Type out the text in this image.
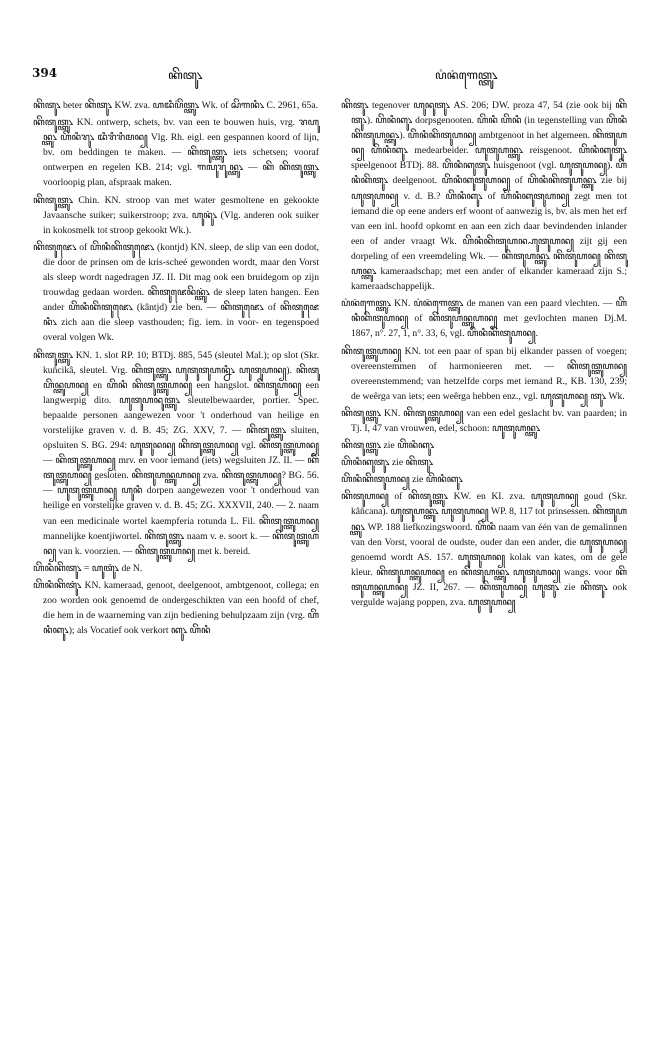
394	ꦏꦼꦠꦸ꧈	ꦥ꦳ꦤꦁꦒꦺꦠ꧀ꦠꦸ꧈

ꦏꦼꦠꦸ꧈ beter ꦏꦼꦠꦸ꧈ KW. zva. ꦲꦢꦶꦥ꦳ꦼꦠ꧀ꦠꦸ꧈ Wk. of ꦱꦼꦒꦤꦶ꧈ C. 2961, 65a.

ꦏꦼꦠꦸꦠ꧀ꦠꦸ꧈ KN. ontwerp, schets, bv. van een te bouwen huis, vrg. ꦫꦲꦸꦤ꧀ꦠꦸ꧈ ꦲꦼꦤꦶꦫꦸ꧈ ꦢꦶꦫꦶꦫꦶꦩꦤ꧀ Vlg. Rh. eigl. een gespannen koord of lijn, bv. om beddingen te maken. — ꦏꦼꦠꦸꦠ꧀ꦠꦸ꧈ iets schetsen; vooraf ontwerpen en regelen KB. 214; vgl. ꦒꦭꦸꦫꦸꦤ꧀ꦠꦸ꧈ — ꦏꦼ ꦏꦼꦠꦸꦠ꧀ꦠꦸ꧈ voorloopig plan, afspraak maken.

ꦏꦼꦠꦸꦠ꧀ꦠꦸ꧈ Chin. KN. stroop van met water gesmoltene en gekookte Javaansche suiker; suikerstroop; zva. ꦲꦸꦤꦸꦁ꧈ (Vlg. anderen ook suiker in kokosmelk tot stroop gekookt Wk.).

ꦏꦼꦠꦸꦗꦺ꧈ of ꦲꦼꦤꦶꦏꦼꦠꦸꦗꦺ꧈ (kontjd) KN. sleep, de slip van een dodot, die door de prinsen om de kris-scheé gewonden wordt, maar den Vorst als sleep wordt nagedragen JZ. II. Dit mag ook een bruidegom op zijn trouwdag gedaan worden. ꦏꦼꦠꦸꦗꦺꦤꦼꦤ꧀ꦠꦸꦁ꧈ de sleep laten hangen. Een ander ꦲꦼꦤꦶꦏꦼꦠꦸꦗꦺ꧈ (kântjd) zie ben. — ꦏꦼꦠꦸꦗꦺ꧈ of ꦏꦼꦠꦸꦗꦺꦤꦶ꧈ zich aan die sleep vasthouden; fig. iem. in voor- en tegenspoed overal volgen Wk.

ꦏꦼꦠꦸꦠ꧀ꦠꦸ꧈ KN. 1. slot RP. 10; BTDj. 885, 545 (sleutel Mal.); op slot (Skr. kuñcikâ, sleutel. Vrg. ꦏꦼꦠꦸꦠ꧀ꦠꦸ꧈ ꦲꦸꦠꦸꦠꦸꦲꦤ꧀ꦤꦶ꧈ ꦲꦸꦠꦸꦲꦤ꧀). ꦏꦼꦠꦸꦲꦼꦤ꧀ꦠꦸꦲꦤ꧀ en ꦲꦼꦤꦶ ꦏꦼꦠꦸꦠ꧀ꦠꦸꦲꦤ꧀ een hangslot. ꦏꦼꦠꦸꦲꦤ꧀ een langwerpig dito. ꦲꦸꦠꦸꦲꦤꦸꦠ꧀ꦠꦸ꧈ sleutelbewaarder, portier. Spec. bepaalde personen aangewezen voor 't onderhoud van heilige en vorstelijke graven v. d. B. 45; ZG. XXV, 7. — ꦏꦼꦠꦸꦠ꧀ꦠꦸ꧈ sluiten, opsluiten S. BG. 294: ꦲꦸꦠꦸꦤꦤ꧀ ꦏꦼꦠꦸꦠ꧀ꦠꦸꦲꦤ꧀ vgl. ꦏꦼꦠꦸꦠ꧀ꦠꦸꦲꦤ꧀ — ꦏꦼꦠꦸꦠ꧀ꦠꦸꦲꦤ꧀ mrv. en voor iemand (iets) wegsluiten JZ. II. — ꦏꦼꦠꦸꦠ꧀ꦠꦸꦲꦤ꧀ gesloten. ꦏꦼꦠꦸꦲꦤ꧀ꦠꦸꦲꦤ꧀ zva. ꦏꦼꦠꦸꦠ꧀ꦠꦸꦲꦤ꧀? BG. 56. — ꦲꦸꦠꦸꦠ꧀ꦠꦸꦲꦤ꧀ ꦲꦸꦤꦶ dorpen aangewezen voor 't onderhoud van heilige en vorstelijke graven v. d. B. 45; ZG. XXXVII, 240. — 2. naam van een medicinale wortel kaempferia rotunda L. Fil. ꦏꦼꦠꦸꦠ꧀ꦠꦸꦲꦤ꧀ mannelijke koentjiwortel. ꦏꦼꦠꦸꦠ꧀ꦠꦸ꧈ naam v. e. soort k. — ꦏꦼꦠꦸꦠ꧀ꦠꦸꦲꦤ꧀ van k. voorzien. — ꦏꦼꦠꦸꦠ꧀ꦠꦸꦲꦤ꧀ met k. bereid.

ꦲꦼꦤꦶꦏꦼꦠꦸ꧈ = ꦲꦸꦠꦸꦁ꧈ de N.

ꦲꦼꦤꦶꦏꦼꦠꦸꦁ꧈ KN. kameraad, genoot, deelgenoot, ambtgenoot, collega; en zoo worden ook genoemd de ondergeschikten van een hoofd of chef, die hem in de waarneming van zijn bediening behulpzaam zijn (vrg. ꦲꦼꦤꦶꦏꦸ꧈); als Vocatief ook verkort ꦏꦸ꧈ ꦲꦼꦤꦶ

ꦏꦼꦠꦸ꧈ tegenover ꦲꦸꦤꦸꦠꦸ꧈ AS. 206; DW. proza 47, 54 (zie ook bij ꦏꦼꦠꦸ꧈). ꦲꦼꦤꦶꦏꦸ꧈ dorpsgenooten. ꦲꦼꦤꦶ ꦲꦼꦤꦶ (in tegenstelling van ꦲꦼꦤꦶꦏꦼꦠꦸꦲꦤ꧀ꦠꦸ꧈). ꦲꦼꦤꦶꦏꦼꦠꦸꦲꦤ꧀ ambtgenoot in het algemeen. ꦏꦼꦠꦸꦲꦤ꧀ ꦲꦼꦤꦶꦏꦸ꧈ medearbeider. ꦲꦸꦠꦸꦲꦤ꧀ꦠꦸ꧈ reisgenoot. ꦲꦼꦤꦶꦏꦸꦠꦸ꧈ speelgenoot BTDj. 88. ꦲꦼꦤꦶꦏꦸꦠꦸ꧈ huisgenoot (vgl. ꦲꦸꦠꦸꦲꦤ꧀). ꦲꦼꦤꦶꦏꦼꦠꦸ꧈ deelgenoot. ꦲꦼꦤꦶꦏꦸꦠꦸꦲꦤ꧀ of ꦲꦼꦤꦶꦏꦼꦠꦸꦲꦤ꧀ꦠꦸ꧈ zie bij ꦲꦸꦠꦸꦲꦤ꧀ v. d. B.? ꦲꦼꦤꦶꦏꦸ꧈ of ꦲꦼꦤꦶꦏꦸꦠꦸꦲꦤ꧀ zegt men tot iemand die op eene anders erf woont of aanwezig is, bv. als men het erf van een inl. hoofd opkomt en aan een zich daar bevindenden inlander een of ander vraagt Wk. ꦲꦼꦤꦶꦏꦼꦠꦸꦲꦤ꧀ꦲꦸꦠꦸꦲꦤ꧀ zijt gij een dorpeling of een vreemdeling Wk. — ꦏꦼꦠꦸꦲꦤ꧀ꦠꦸ꧈ ꦏꦼꦠꦸꦲꦤ꧀ ꦏꦼꦠꦸꦲꦤ꧀ꦠꦸ꧈ kameraadschap; met een ander of elkander kameraad zijn S.; kameraadschappelijk.

ꦥ꦳ꦤꦁꦒꦺꦠ꧀ꦠꦸ꧈ KN. ꦥ꦳ꦤꦁꦒꦺꦠ꧀ꦠꦸ꧈ de manen van een paard vlechten. — ꦲꦼꦤꦶꦏꦼꦠꦸꦲꦤ꧀ of ꦏꦼꦠꦸꦲꦤ꧀ꦠꦸꦲꦤ꧀ met gevlochten manen Dj.M. 1867, n°. 27, 1, n°. 33, 6, vgl. ꦲꦼꦤꦶꦏꦼꦠꦸꦲꦤ꧀.

ꦏꦼꦠꦸꦠ꧀ꦠꦸꦲꦤ꧀ KN. tot een paar of span bij elkander passen of voegen; overeenstemmen of harmonieeren met. — ꦏꦼꦠꦸꦠ꧀ꦠꦸꦲꦤ꧀ overeenstemmend; van hetzelfde corps met iemand R., KB. 130, 239; de weêrga van iets; een weêrga hebben enz., vgl. ꦲꦸꦠꦸꦲꦤ꧀ ꦠꦸ꧈ Wk.

ꦏꦼꦠꦸꦠ꧀ꦠꦸ꧈ KN. ꦏꦼꦠꦸꦠ꧀ꦠꦸꦲꦤ꧀ van een edel geslacht bv. van paarden; in Tj. I, 47 van vrouwen, edel, schoon: ꦲꦸꦠꦸꦲꦤ꧀ꦠꦸ꧈

ꦏꦼꦠꦸꦠ꧀ꦠꦸ꧈ zie ꦲꦼꦤꦶꦏꦸ꧈

ꦲꦼꦤꦶꦏꦸꦠꦸ꧈ zie ꦏꦼꦠꦸ꧈

ꦲꦼꦤꦶꦏꦼꦠꦸꦲꦤ꧀ zie ꦲꦼꦤꦶꦏꦸ꧈

ꦏꦼꦠꦸꦲꦤ꧀ of ꦏꦼꦠꦸꦠ꧀ꦠꦸ꧈ KW. en KI. zva. ꦲꦸꦠꦸꦲꦤ꧀ goud (Skr. kâñcana). ꦲꦸꦠꦸꦲꦤ꧀ꦠꦸ꧈ ꦲꦸꦠꦸꦲꦤ꧀ WP. 8, 117 tot prinsessen. ꦏꦼꦠꦸꦲꦤ꧀ꦠꦸ꧈ WP. 188 liefkozingswoord. ꦲꦼꦤꦶ naam van één van de gemalinnen van den Vorst, vooral de oudste, ouder dan een ander, die ꦲꦸꦠꦸꦲꦤ꧀ genoemd wordt AS. 157. ꦲꦸꦠꦸꦲꦤ꧀ kolak van kates, om de gele kleur. ꦏꦼꦠꦸꦲꦤ꧀ꦠꦸꦲꦤ꧀ en ꦏꦼꦠꦸꦲꦤ꧀ꦠꦸ꧈ ꦲꦸꦠꦸꦲꦤ꧀ wangs. voor ꦏꦼꦠꦸꦲꦤ꧀ꦠꦸꦲꦤ꧀ JZ. II, 267. — ꦏꦼꦠꦸꦲꦤ꧀ ꦲꦸꦠꦸ꧈ zie ꦏꦼꦠꦸ꧈ ook vergulde wajang poppen, zva. ꦲꦸꦠꦸꦲꦤ꧀
